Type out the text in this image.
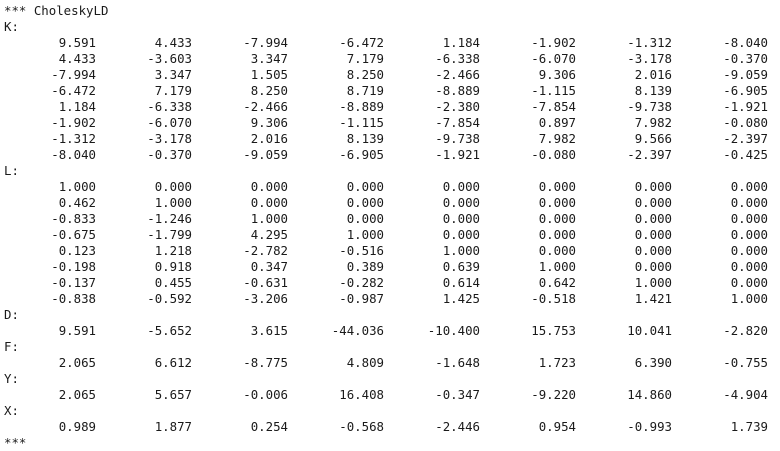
*** CholeskyLD
K:
9.591	4.433	-7.994	-6.472	1.184	-1.902	-1.312	-8.040
4.433	-3.603	3.347	7.179	-6.338	-6.070	-3.178	-0.370
-7.994	3.347	1.505	8.250	-2.466	9.306	2.016	-9.059
-6.472	7.179	8.250	8.719	-8.889	-1.115	8.139	-6.905
1.184	-6.338	-2.466	-8.889	-2.380	-7.854	-9.738	-1.921
-1.902	-6.070	9.306	-1.115	-7.854	0.897	7.982	-0.080
-1.312	-3.178	2.016	8.139	-9.738	7.982	9.566	-2.397
-8.040	-0.370	-9.059	-6.905	-1.921	-0.080	-2.397	-0.425
L:
1.000	0.000	0.000	0.000	0.000	0.000	0.000	0.000
0.462	1.000	0.000	0.000	0.000	0.000	0.000	0.000
-0.833	-1.246	1.000	0.000	0.000	0.000	0.000	0.000
-0.675	-1.799	4.295	1.000	0.000	0.000	0.000	0.000
0.123	1.218	-2.782	-0.516	1.000	0.000	0.000	0.000
-0.198	0.918	0.347	0.389	0.639	1.000	0.000	0.000
-0.137	0.455	-0.631	-0.282	0.614	0.642	1.000	0.000
-0.838	-0.592	-3.206	-0.987	1.425	-0.518	1.421	1.000
D:
9.591	-5.652	3.615	-44.036	-10.400	15.753	10.041	-2.820
F:
2.065	6.612	-8.775	4.809	-1.648	1.723	6.390	-0.755
Y:
2.065	5.657	-0.006	16.408	-0.347	-9.220	14.860	-4.904
X:
0.989	1.877	0.254	-0.568	-2.446	0.954	-0.993	1.739
***
